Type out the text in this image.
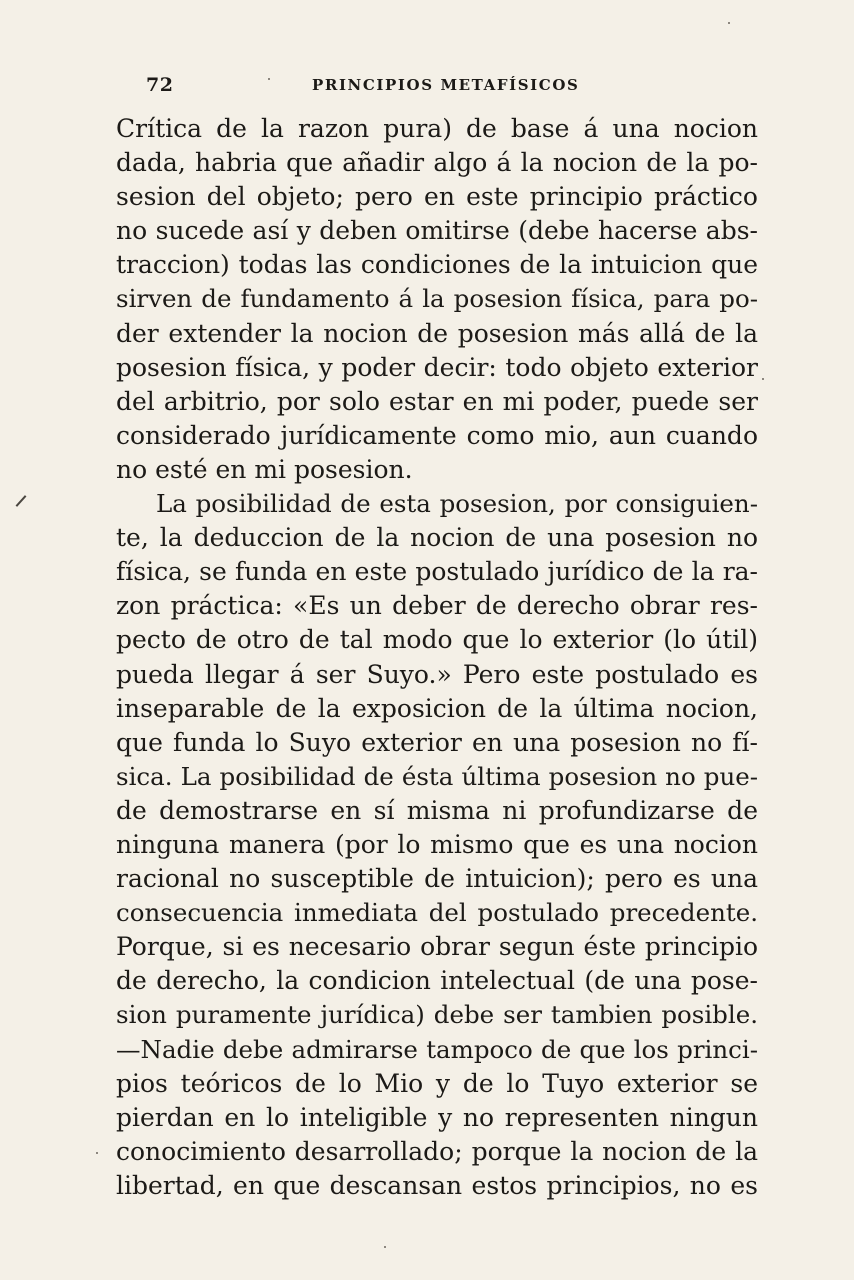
72	PRINCIPIOS METAFÍSICOS
Crítica de la razon pura) de base á una nocion
dada, habria que añadir algo á la nocion de la po-
sesion del objeto; pero en este principio práctico
no sucede así y deben omitirse (debe hacerse abs-
traccion) todas las condiciones de la intuicion que
sirven de fundamento á la posesion física, para po-
der extender la nocion de posesion más allá de la
posesion física, y poder decir: todo objeto exterior
del arbitrio, por solo estar en mi poder, puede ser
considerado jurídicamente como mio, aun cuando
no esté en mi posesion.
La posibilidad de esta posesion, por consiguien-
te, la deduccion de la nocion de una posesion no
física, se funda en este postulado jurídico de la ra-
zon práctica: «Es un deber de derecho obrar res-
pecto de otro de tal modo que lo exterior (lo útil)
pueda llegar á ser Suyo.» Pero este postulado es
inseparable de la exposicion de la última nocion,
que funda lo Suyo exterior en una posesion no fí-
sica. La posibilidad de ésta última posesion no pue-
de demostrarse en sí misma ni profundizarse de
ninguna manera (por lo mismo que es una nocion
racional no susceptible de intuicion); pero es una
consecuencia inmediata del postulado precedente.
Porque, si es necesario obrar segun éste principio
de derecho, la condicion intelectual (de una pose-
sion puramente jurídica) debe ser tambien posible.
—Nadie debe admirarse tampoco de que los princi-
pios teóricos de lo Mio y de lo Tuyo exterior se
pierdan en lo inteligible y no representen ningun
conocimiento desarrollado; porque la nocion de la
libertad, en que descansan estos principios, no es
